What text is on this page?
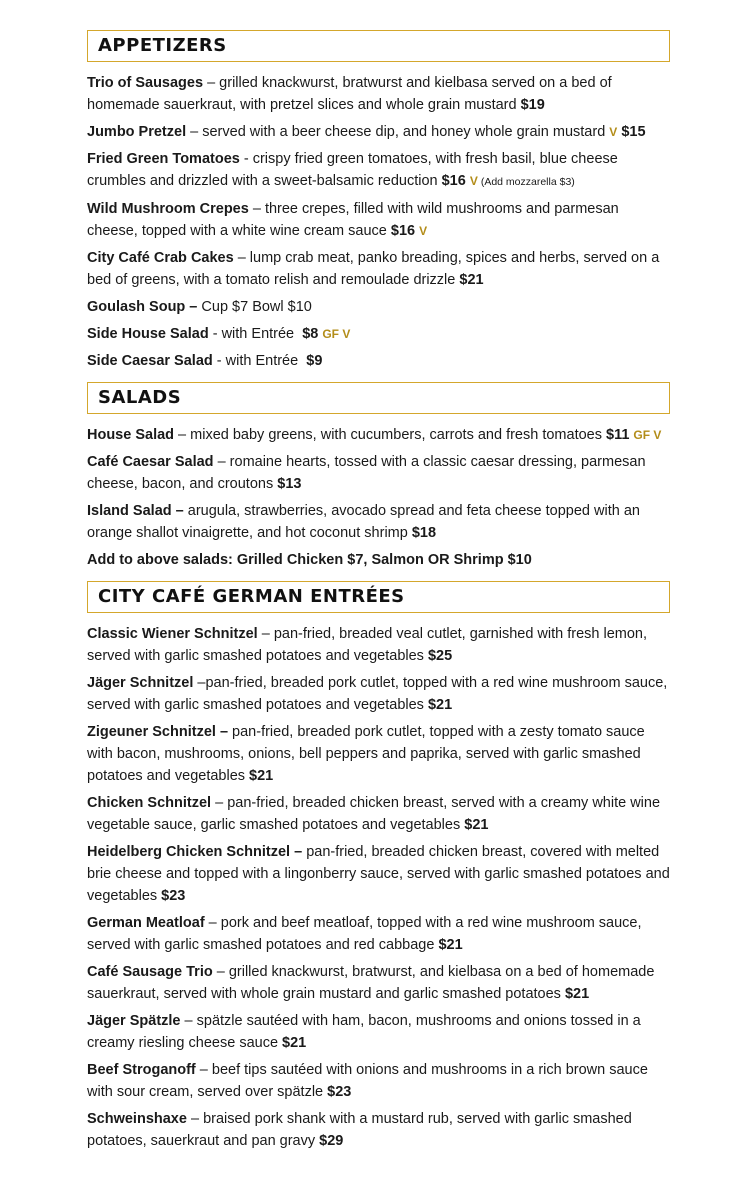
APPETIZERS

Trio of Sausages – grilled knackwurst, bratwurst and kielbasa served on a bed of homemade sauerkraut, with pretzel slices and whole grain mustard $19

Jumbo Pretzel – served with a beer cheese dip, and honey whole grain mustard V $15

Fried Green Tomatoes - crispy fried green tomatoes, with fresh basil, blue cheese crumbles and drizzled with a sweet-balsamic reduction $16 V (Add mozzarella $3)

Wild Mushroom Crepes – three crepes, filled with wild mushrooms and parmesan cheese, topped with a white wine cream sauce $16 V

City Café Crab Cakes – lump crab meat, panko breading, spices and herbs, served on a bed of greens, with a tomato relish and remoulade drizzle $21

Goulash Soup – Cup $7 Bowl $10

Side House Salad - with Entrée $8 GF V

Side Caesar Salad - with Entrée $9

SALADS

House Salad – mixed baby greens, with cucumbers, carrots and fresh tomatoes $11 GF V

Café Caesar Salad – romaine hearts, tossed with a classic caesar dressing, parmesan cheese, bacon, and croutons $13

Island Salad – arugula, strawberries, avocado spread and feta cheese topped with an orange shallot vinaigrette, and hot coconut shrimp $18

Add to above salads: Grilled Chicken $7, Salmon OR Shrimp $10

CITY CAFÉ GERMAN ENTRÉES

Classic Wiener Schnitzel – pan-fried, breaded veal cutlet, garnished with fresh lemon, served with garlic smashed potatoes and vegetables $25

Jäger Schnitzel –pan-fried, breaded pork cutlet, topped with a red wine mushroom sauce, served with garlic smashed potatoes and vegetables $21

Zigeuner Schnitzel – pan-fried, breaded pork cutlet, topped with a zesty tomato sauce with bacon, mushrooms, onions, bell peppers and paprika, served with garlic smashed potatoes and vegetables $21

Chicken Schnitzel – pan-fried, breaded chicken breast, served with a creamy white wine vegetable sauce, garlic smashed potatoes and vegetables $21

Heidelberg Chicken Schnitzel – pan-fried, breaded chicken breast, covered with melted brie cheese and topped with a lingonberry sauce, served with garlic smashed potatoes and vegetables $23

German Meatloaf – pork and beef meatloaf, topped with a red wine mushroom sauce, served with garlic smashed potatoes and red cabbage $21

Café Sausage Trio – grilled knackwurst, bratwurst, and kielbasa on a bed of homemade sauerkraut, served with whole grain mustard and garlic smashed potatoes $21

Jäger Spätzle – spätzle sautéed with ham, bacon, mushrooms and onions tossed in a creamy riesling cheese sauce $21

Beef Stroganoff – beef tips sautéed with onions and mushrooms in a rich brown sauce with sour cream, served over spätzle $23

Schweinshaxe – braised pork shank with a mustard rub, served with garlic smashed potatoes, sauerkraut and pan gravy $29
